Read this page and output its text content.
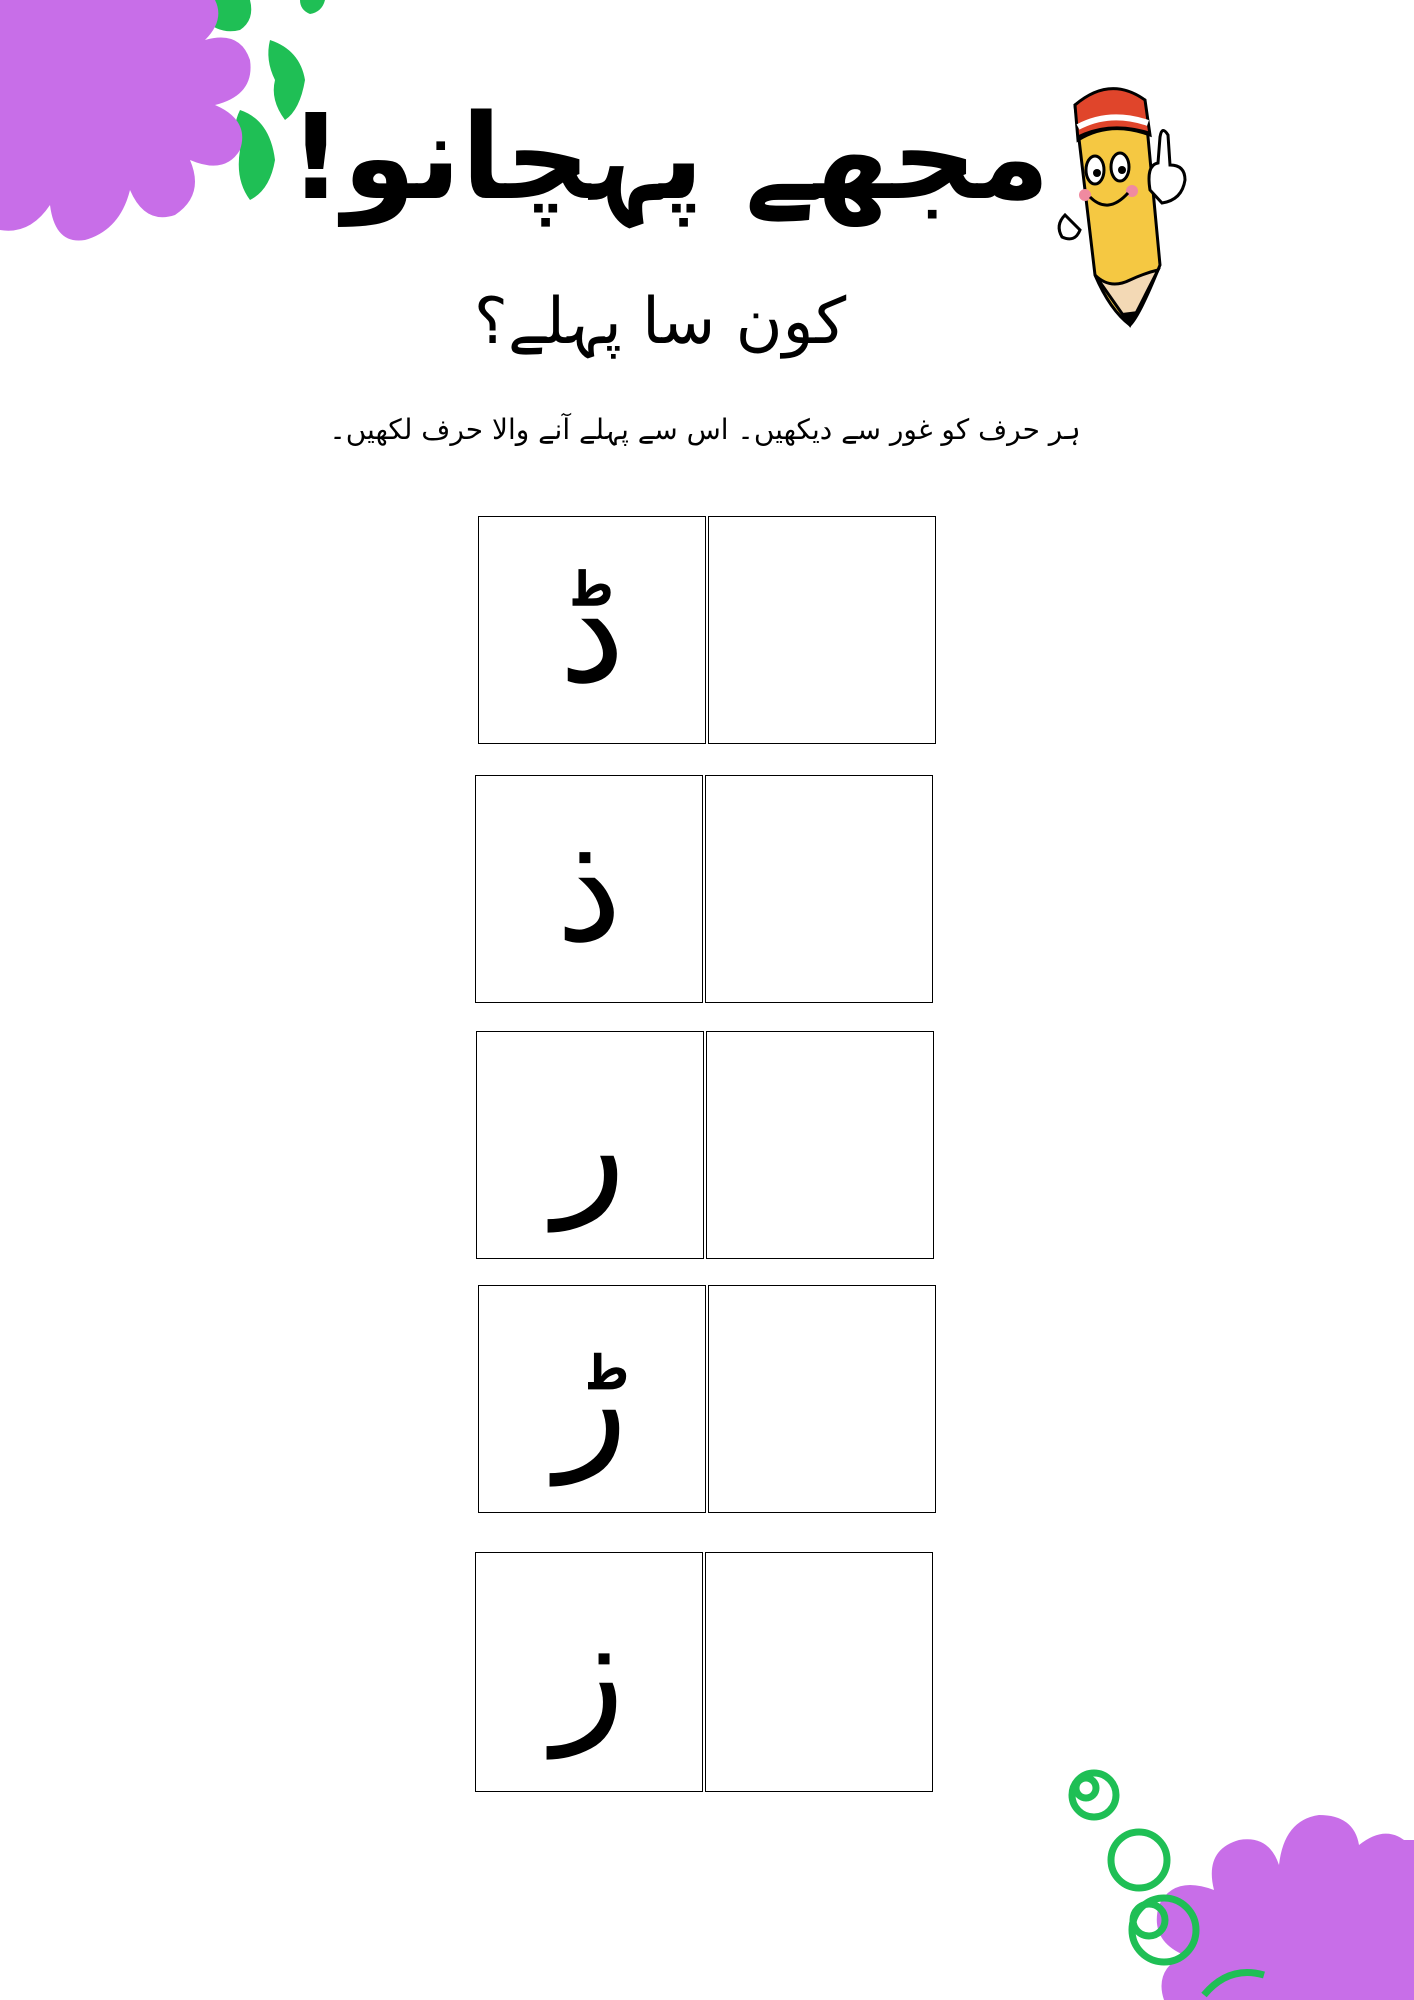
مجھے پہچانو!
کون سا پہلے؟
ہر حرف کو غور سے دیکھیں۔ اس سے پہلے آنے والا حرف لکھیں۔
ڈ
ذ
ر
ڑ
ز
